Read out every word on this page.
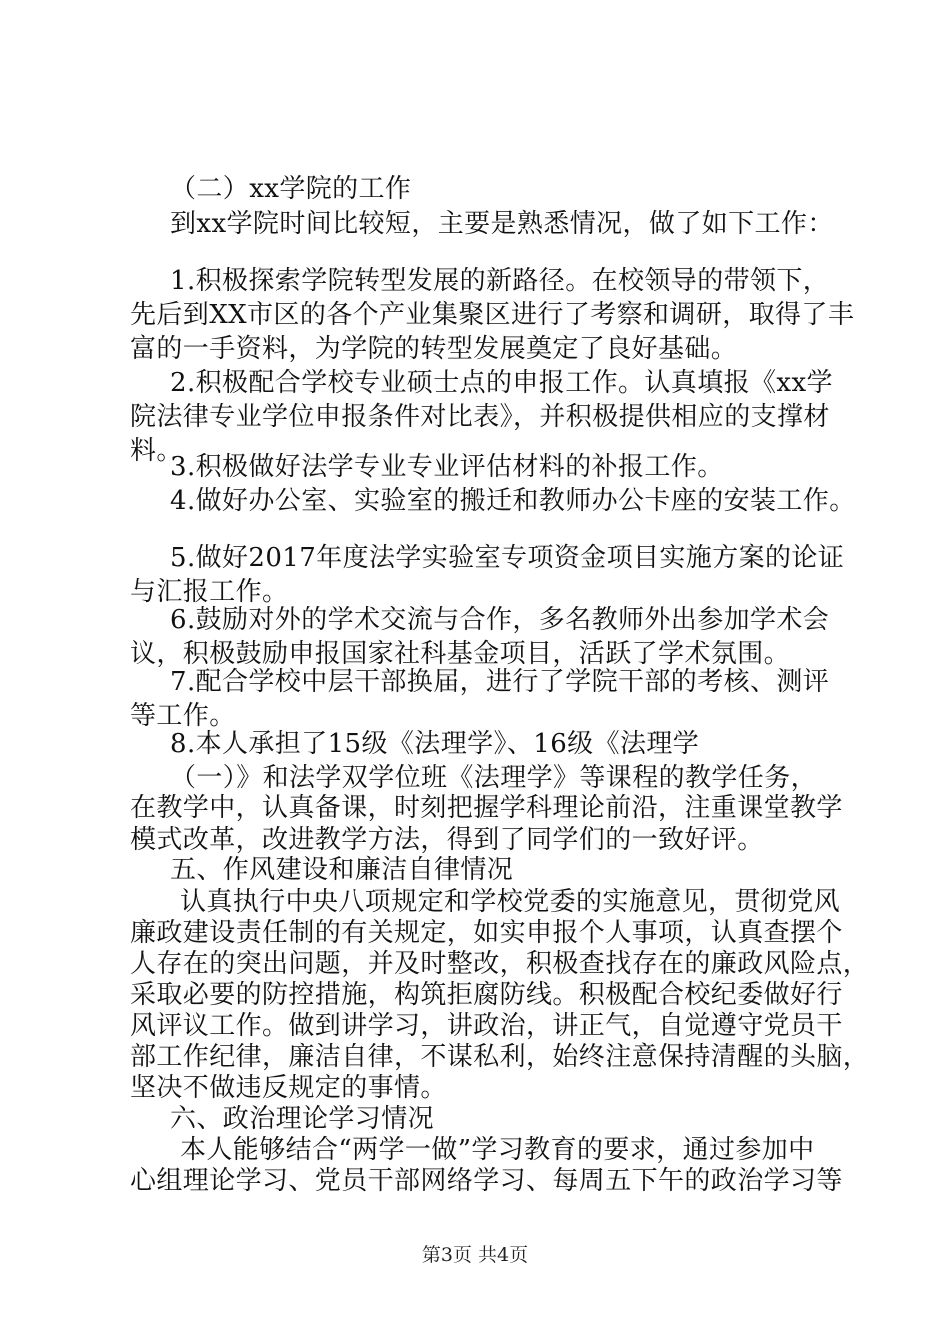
（二）xx学院的工作
到xx学院时间比较短，主要是熟悉情况，做了如下工作：
1.积极探索学院转型发展的新路径。在校领导的带领下，
先后到XX市区的各个产业集聚区进行了考察和调研，取得了丰
富的一手资料，为学院的转型发展奠定了良好基础。
2.积极配合学校专业硕士点的申报工作。认真填报《xx学
院法律专业学位申报条件对比表》，并积极提供相应的支撑材
料。
3.积极做好法学专业专业评估材料的补报工作。
4.做好办公室、实验室的搬迁和教师办公卡座的安装工作。
5.做好2017年度法学实验室专项资金项目实施方案的论证
与汇报工作。
6.鼓励对外的学术交流与合作，多名教师外出参加学术会
议，积极鼓励申报国家社科基金项目，活跃了学术氛围。
7.配合学校中层干部换届，进行了学院干部的考核、测评
等工作。
8.本人承担了15级《法理学》、16级《法理学
（一）》和法学双学位班《法理学》等课程的教学任务，
在教学中，认真备课，时刻把握学科理论前沿，注重课堂教学
模式改革，改进教学方法，得到了同学们的一致好评。
五、作风建设和廉洁自律情况
认真执行中央八项规定和学校党委的实施意见，贯彻党风
廉政建设责任制的有关规定，如实申报个人事项，认真查摆个
人存在的突出问题，并及时整改，积极查找存在的廉政风险点，
采取必要的防控措施，构筑拒腐防线。积极配合校纪委做好行
风评议工作。做到讲学习，讲政治，讲正气，自觉遵守党员干
部工作纪律，廉洁自律，不谋私利，始终注意保持清醒的头脑，
坚决不做违反规定的事情。
六、政治理论学习情况
本人能够结合“两学一做”学习教育的要求，通过参加中
心组理论学习、党员干部网络学习、每周五下午的政治学习等
第3页 共4页
